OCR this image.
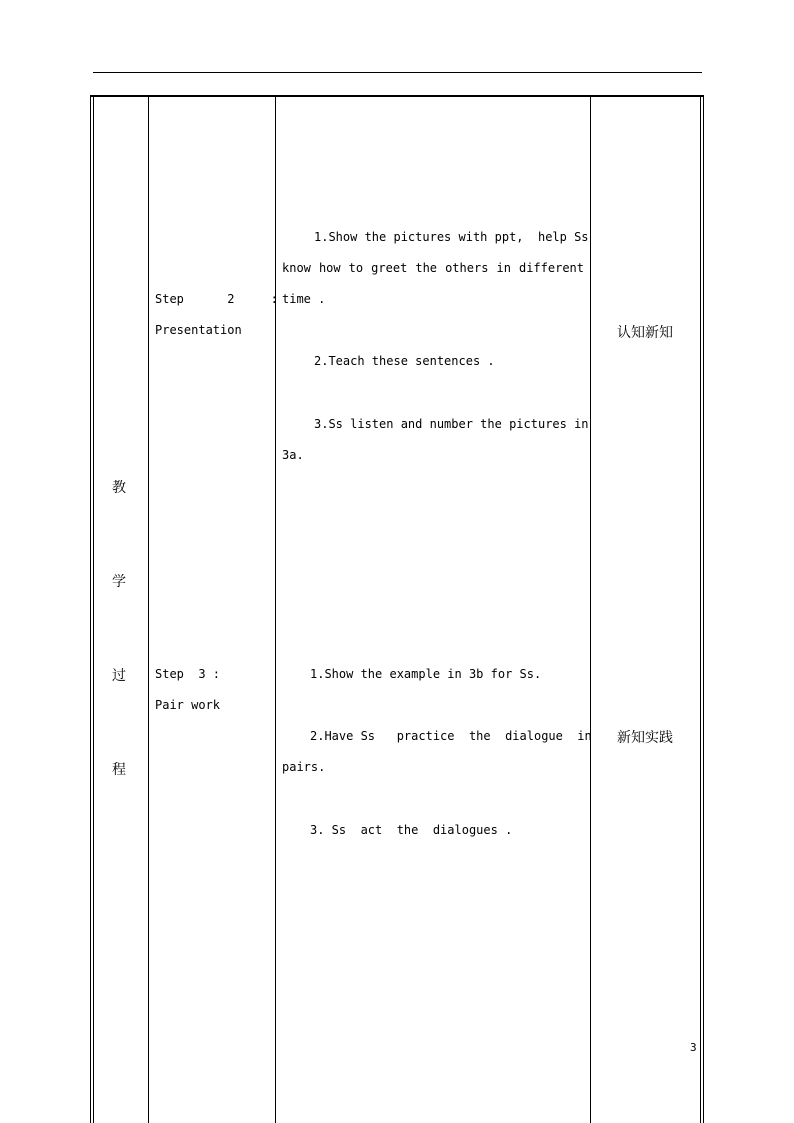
教
学
过
程
Step      2     :
Presentation
1.Show the pictures with ppt,  help Ss
know how to greet the others in different
time .
2.Teach these sentences .
3.Ss listen and number the pictures in
3a.
认知新知
Step  3 :
Pair work
1.Show the example in 3b for Ss.
2.Have Ss   practice  the  dialogue  in
pairs.
3. Ss  act  the  dialogues .
新知实践
3
